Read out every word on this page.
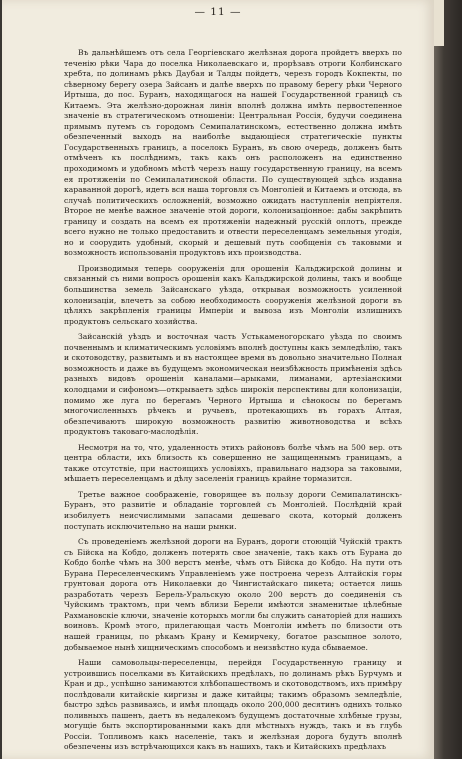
— 11 —

Въ дальнѣйшемъ отъ села Георгіевскаго желѣзная дорога пройдетъ вверхъ по теченію рѣки Чара до поселка Николаевскаго и, прорѣзавъ отроги Колбинскаго хребта, по долинамъ рѣкъ Даубая и Талды пойдетъ, черезъ городъ Кокпекты, по сѣверному берегу озера Зайсанъ и далѣе вверхъ по правому берегу рѣки Черного Иртыша, до пос. Буранъ, находящагося на нашей Государственной границѣ съ Китаемъ. Эта желѣзно-дорожная линія вполнѣ должна имѣть первостепенное значеніе въ стратегическомъ отношеніи: Центральная Россія, будучи соединена прямымъ путемъ съ городомъ Семипалатинскомъ, естественно должна имѣть обезпеченный выходъ на наиболѣе выдающіеся стратегическіе пункты Государственныхъ границъ, а поселокъ Буранъ, въ свою очередь, долженъ быть отмѣченъ къ послѣднимъ, такъ какъ онъ расположенъ на единственно проходимомъ и удобномъ мѣстѣ черезъ нашу государственную границу, на всемъ ея протяженіи по Семипалатинской области. По существующей здѣсь издавна караванной дорогѣ, идетъ вся наша торговля съ Монголіей и Китаемъ и отсюда, въ случаѣ политическихъ осложненій, возможно ожидать наступленія непріятеля. Второе не менѣе важное значеніе этой дороги, колонизаціонное: дабы закрѣпить границу и создать на всемъ ея протяженіи надежный русскій оплотъ, прежде всего нужно не только предоставить и отвести переселенцамъ земельныя угодія, но и соорудить удобный, скорый и дешевый путь сообщенія съ таковыми и возможность использованія продуктовъ ихъ производства.

Производимыя теперь сооруженія для орошенія Кальджирской долины и связанный съ ними вопросъ орошенія какъ Кальджирской долины, такъ и вообще большинства земель Зайсанскаго уѣзда, открывая возможность усиленной колонизаціи, влечетъ за собою необходимость сооруженія желѣзной дороги въ цѣляхъ закрѣпленія границы Имперіи и вывоза изъ Монголіи излишнихъ продуктовъ сельскаго хозяйства.

Зайсанскій уѣздъ и восточная часть Устькаменогорскаго уѣзда по своимъ почвеннымъ и климатическимъ условіямъ вполнѣ доступны какъ земледѣлію, такъ и скотоводству, развитымъ и въ настоящее время въ довольно значительно Полная возможность и даже въ будущемъ экономическая неизбѣжность примѣненія здѣсь разныхъ видовъ орошенія каналами—арыками, лиманами, артезіанскими колодцами и сифономъ—открываетъ здѣсь широкія перспективы для колонизаціи, помимо же луга по берегамъ Черного Иртыша и сѣнокосы по берегамъ многочисленныхъ рѣчекъ и ручьевъ, протекающихъ въ горахъ Алтая, обезпечиваютъ широкую возможность развитію животноводства и всѣхъ продуктовъ таковаго-маслодѣлія.

Несмотря на то, что, удаленность этихъ районовъ болѣе чѣмъ на 500 вер. отъ центра области, ихъ близость къ совершенно не защищеннымъ границамъ, а также отсутствіе, при настоящихъ условіяхъ, правильнаго надзора за таковыми, мѣшаетъ переселенцамъ и дѣлу заселенія границъ крайне тормазится.

Третье важное соображеніе, говорящее въ пользу дороги Семипалатинскъ-Буранъ, это развитіе и обладаніе торговлей съ Монголіей. Послѣдній край изобилуетъ неисчислимыми запасами дешеваго скота, который долженъ поступать исключительно на наши рынки.

Съ проведеніемъ желѣзной дороги на Буранъ, дороги стоющій Чуйскій трактъ съ Бійска на Кобдо, долженъ потерять свое значеніе, такъ какъ отъ Бурана до Кобдо болѣе чѣмъ на 300 верстъ менѣе, чѣмъ отъ Бійска до Кобдо. На пути отъ Бурана Переселенческимъ Управленіемъ уже построена черезъ Алтайскія горы грунтовая дорога отъ Николаевки до Чингистайскаго пикета; остается лишь разработать черезъ Берель-Уральскую около 200 верстъ до соединенія съ Чуйскимъ трактомъ, при чемъ вблизи Берели имѣются знаменитые цѣлебные Рахмановскіе ключи, значеніе которыхъ могли бы служить санаторіей для нашихъ воиновъ. Кромѣ этого, прилегающая часть Монголіи имѣетъ по близости отъ нашей границы, по рѣкамъ Крану и Кемирчеку, богатое разсыпное золото, добываемое нынѣ хищническимъ способомъ и неизвѣстно куда сбываемое.

Наши самовольцы-переселенцы, перейдя Государственную границу и устроившись поселками въ Китайскихъ предѣлахъ, по долинамъ рѣкъ Бурчумъ и Кран и др., успѣшно занимаются хлѣбопашествомъ и скотоводствомъ, ихъ примѣру послѣдовали китайскіе киргизы и даже китайцы; такимъ образомъ земледѣліе, быстро здѣсь развиваясь, и имѣя площадь около 200,000 десятинъ однихъ только поливныхъ пашенъ, даетъ въ недалекомъ будущемъ достаточные хлѣбные грузы, могущіе быть экспортированными какъ для мѣстныхъ нуждъ, такъ и въ глубь Россіи. Топливомъ какъ населеніе, такъ и желѣзная дорога будутъ вполнѣ обезпечены изъ встрѣчающихся какъ въ нашихъ, такъ и Китайскихъ предѣлахъ
